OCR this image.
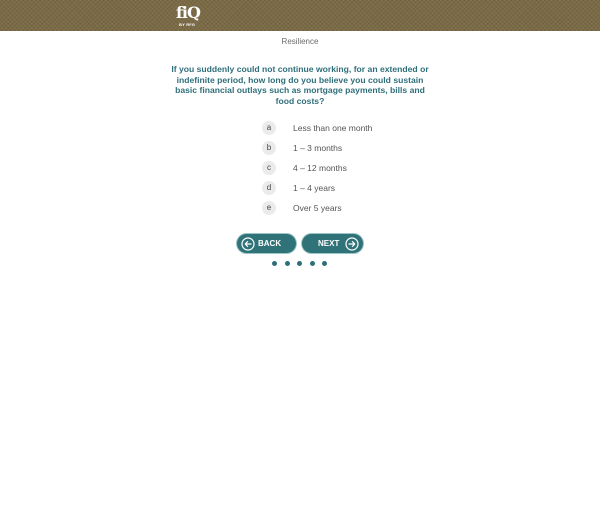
fiQ
BY RFG
Resilience
If you suddenly could not continue working, for an extended or indefinite period, how long do you believe you could sustain basic financial outlays such as mortgage payments, bills and food costs?
a	Less than one month
b	1 – 3 months
c	4 – 12 months
d	1 – 4 years
e	Over 5 years
BACK	NEXT
